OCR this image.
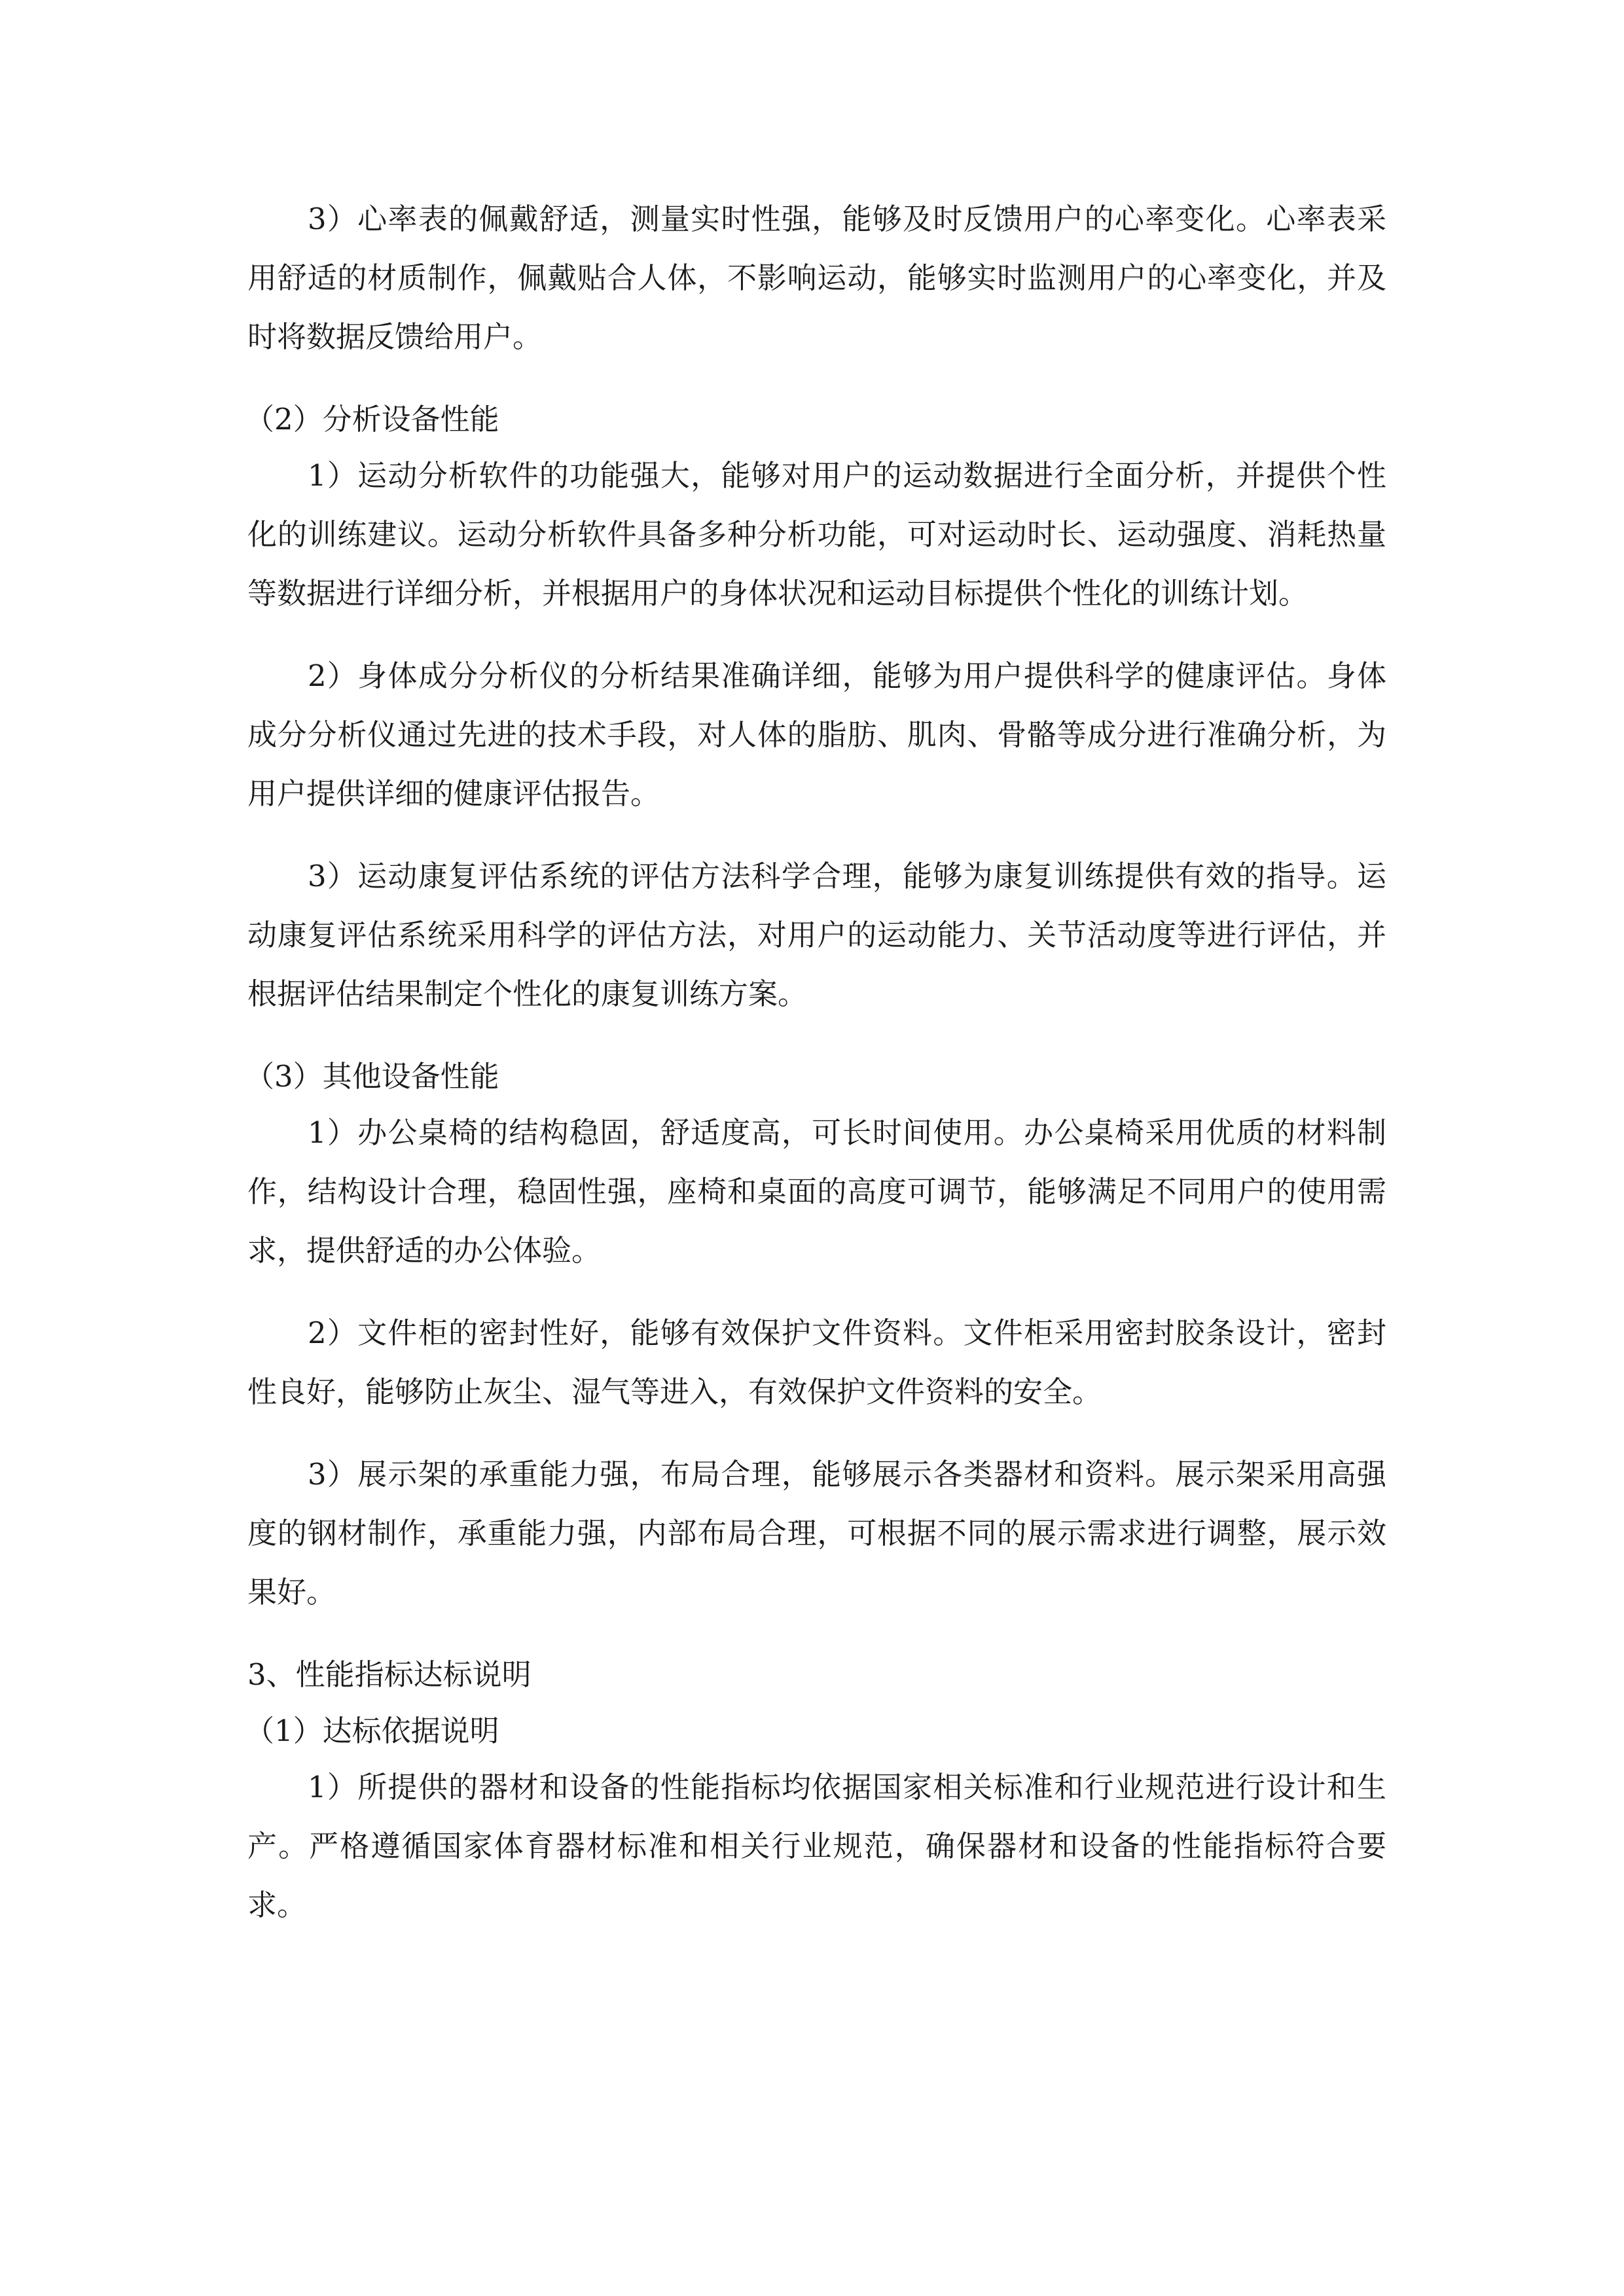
3）心率表的佩戴舒适，测量实时性强，能够及时反馈用户的心率变化。心率表采用舒适的材质制作，佩戴贴合人体，不影响运动，能够实时监测用户的心率变化，并及时将数据反馈给用户。

（2）分析设备性能

1）运动分析软件的功能强大，能够对用户的运动数据进行全面分析，并提供个性化的训练建议。运动分析软件具备多种分析功能，可对运动时长、运动强度、消耗热量等数据进行详细分析，并根据用户的身体状况和运动目标提供个性化的训练计划。

2）身体成分分析仪的分析结果准确详细，能够为用户提供科学的健康评估。身体成分分析仪通过先进的技术手段，对人体的脂肪、肌肉、骨骼等成分进行准确分析，为用户提供详细的健康评估报告。

3）运动康复评估系统的评估方法科学合理，能够为康复训练提供有效的指导。运动康复评估系统采用科学的评估方法，对用户的运动能力、关节活动度等进行评估，并根据评估结果制定个性化的康复训练方案。

（3）其他设备性能

1）办公桌椅的结构稳固，舒适度高，可长时间使用。办公桌椅采用优质的材料制作，结构设计合理，稳固性强，座椅和桌面的高度可调节，能够满足不同用户的使用需求，提供舒适的办公体验。

2）文件柜的密封性好，能够有效保护文件资料。文件柜采用密封胶条设计，密封性良好，能够防止灰尘、湿气等进入，有效保护文件资料的安全。

3）展示架的承重能力强，布局合理，能够展示各类器材和资料。展示架采用高强度的钢材制作，承重能力强，内部布局合理，可根据不同的展示需求进行调整，展示效果好。

3、性能指标达标说明

（1）达标依据说明

1）所提供的器材和设备的性能指标均依据国家相关标准和行业规范进行设计和生产。严格遵循国家体育器材标准和相关行业规范，确保器材和设备的性能指标符合要求。
